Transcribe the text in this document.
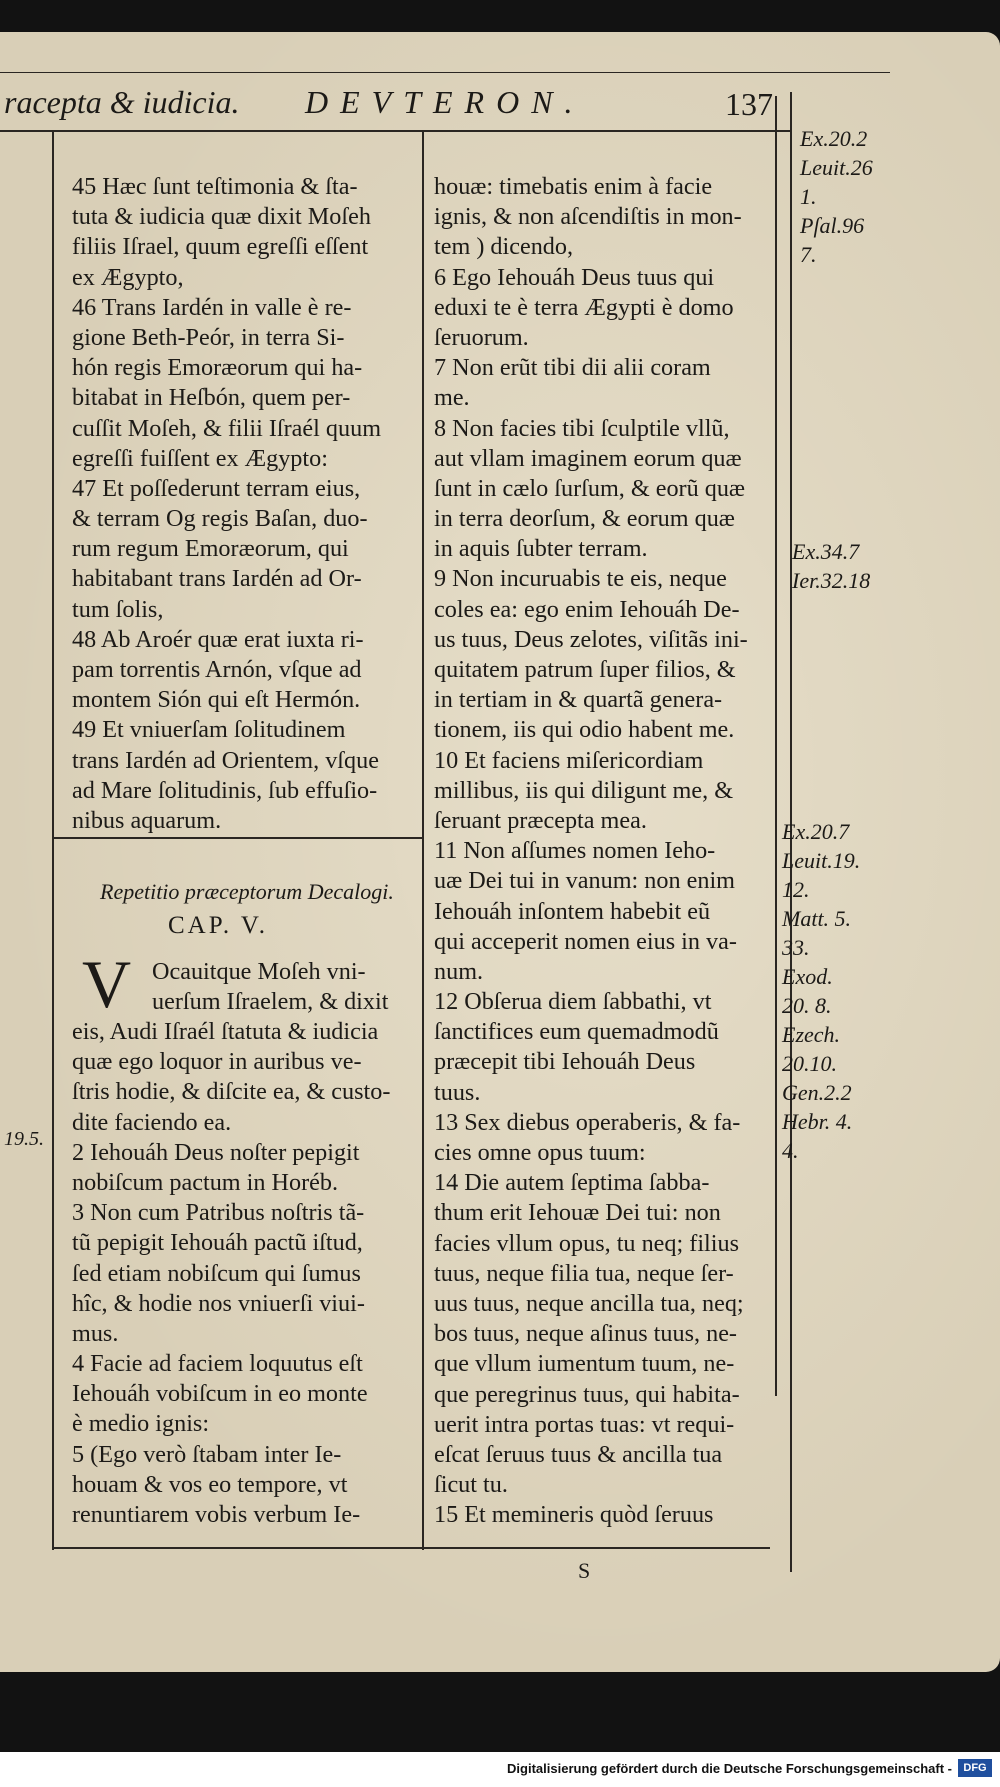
racepta & iudicia. DEVTERON.	137
45 Hæc ſunt teſtimonia & ſta-
tuta & iudicia quæ dixit Moſeh
filiis Iſrael, quum egreſſi eſſent
ex Ægypto,
46 Trans Iardén in valle è re-
gione Beth-Peór, in terra Si-
hón regis Emoræorum qui ha-
bitabat in Heſbón, quem per-
cuſſit Moſeh, & filii Iſraél quum
egreſſi fuiſſent ex Ægypto:
47 Et poſſederunt terram eius,
& terram Og regis Baſan, duo-
rum regum Emoræorum, qui
habitabant trans Iardén ad Or-
tum ſolis,
48 Ab Aroér quæ erat iuxta ri-
pam torrentis Arnón, vſque ad
montem Sión qui eſt Hermón.
49 Et vniuerſam ſolitudinem
trans Iardén ad Orientem, vſque
ad Mare ſolitudinis, ſub effuſio-
nibus aquarum.
Repetitio præceptorum Decalogi.
CAP. V.
V Ocauitque Moſeh vni-
uerſum Iſraelem, & dixit
eis, Audi Iſraél ſtatuta & iudicia
quæ ego loquor in auribus ve-
ſtris hodie, & diſcite ea, & custo-
dite faciendo ea.
2 Iehouáh Deus noſter pepigit
nobiſcum pactum in Horéb.
3 Non cum Patribus noſtris tã-
tũ pepigit Iehouáh pactũ iſtud,
ſed etiam nobiſcum qui ſumus
hîc, & hodie nos vniuerſi viui-
mus.
4 Facie ad faciem loquutus eſt
Iehouáh vobiſcum in eo monte
è medio ignis:
5 (Ego verò ſtabam inter Ie-
houam & vos eo tempore, vt
renuntiarem vobis verbum Ie-
houæ: timebatis enim à facie
ignis, & non aſcendiſtis in mon-
tem ) dicendo,
6 Ego Iehouáh Deus tuus qui
eduxi te è terra Ægypti è domo
ſeruorum.
7 Non erũt tibi dii alii coram
me.
8 Non facies tibi ſculptile vllũ,
aut vllam imaginem eorum quæ
ſunt in cælo ſurſum, & eorũ quæ
in terra deorſum, & eorum quæ
in aquis ſubter terram.
9 Non incuruabis te eis, neque
coles ea: ego enim Iehouáh De-
us tuus, Deus zelotes, viſitãs ini-
quitatem patrum ſuper filios, &
in tertiam in & quartã genera-
tionem, iis qui odio habent me.
10 Et faciens miſericordiam
millibus, iis qui diligunt me, &
ſeruant præcepta mea.
11 Non aſſumes nomen Ieho-
uæ Dei tui in vanum: non enim
Iehouáh inſontem habebit eũ
qui acceperit nomen eius in va-
num.
12 Obſerua diem ſabbathi, vt
ſanctifices eum quemadmodũ
præcepit tibi Iehouáh Deus
tuus.
13 Sex diebus operaberis, & fa-
cies omne opus tuum:
14 Die autem ſeptima ſabba-
thum erit Iehouæ Dei tui: non
facies vllum opus, tu neq; filius
tuus, neque filia tua, neque ſer-
uus tuus, neque ancilla tua, neq;
bos tuus, neque aſinus tuus, ne-
que vllum iumentum tuum, ne-
que peregrinus tuus, qui habita-
uerit intra portas tuas: vt requi-
eſcat ſeruus tuus & ancilla tua
ſicut tu.
15 Et memineris quòd ſeruus
Ex.20.2
Leuit.26
1.
Pſal.96
7.
Ex.34.7
Ier.32.18
Ex.20.7
Leuit.19.
12.
Matt. 5.
33.
Exod.
20. 8.
Ezech.
20.10.
Gen.2.2
Hebr. 4.
4.
19.5.
S
Digitalisierung gefördert durch die Deutsche Forschungsgemeinschaft -	DFG
